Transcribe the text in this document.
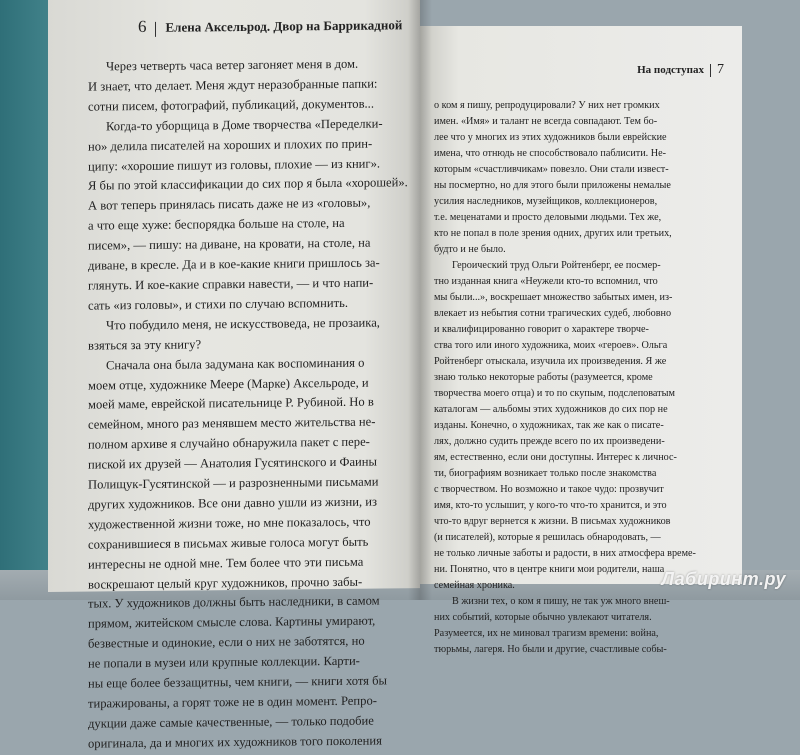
6 Елена Аксельрод. Двор на Баррикадной
Через четверть часа ветер загоняет меня в дом.
И знает, что делает. Меня ждут неразобранные папки:
сотни писем, фотографий, публикаций, документов...
Когда-то уборщица в Доме творчества «Переделки-
но» делила писателей на хороших и плохих по прин-
ципу: «хорошие пишут из головы, плохие — из книг».
Я бы по этой классификации до сих пор я была «хорошей».
А вот теперь принялась писать даже не из «головы»,
а что еще хуже: беспорядка больше на столе, на
писем», — пишу: на диване, на кровати, на столе, на
диване, в кресле. Да и в кое-какие книги пришлось за-
глянуть. И кое-какие справки навести, — и что напи-
сать «из головы», и стихи по случаю вспомнить.
Что побудило меня, не искусствоведа, не прозаика,
взяться за эту книгу?
Сначала она была задумана как воспоминания о
моем отце, художнике Меере (Марке) Аксельроде, и
моей маме, еврейской писательнице Р. Рубиной. Но в
семейном, много раз менявшем место жительства не-
полном архиве я случайно обнаружила пакет с пере-
пиской их друзей — Анатолия Гусятинского и Фаины
Полищук-Гусятинской — и разрозненными письмами
других художников. Все они давно ушли из жизни, из
художественной жизни тоже, но мне показалось, что
сохранившиеся в письмах живые голоса могут быть
интересны не одной мне. Тем более что эти письма
воскрешают целый круг художников, прочно забы-
тых. У художников должны быть наследники, в самом
прямом, житейском смысле слова. Картины умирают,
безвестные и одинокие, если о них не заботятся, но
не попали в музеи или крупные коллекции. Карти-
ны еще более беззащитны, чем книги, — книги хотя бы
тиражированы, а горят тоже не в один момент. Репро-
дукции даже самые качественные, — только подобие
оригинала, да и многих их художников того поколения
На подступах 7
о ком я пишу, репродуцировали? У них нет громких
имен. «Имя» и талант не всегда совпадают. Тем бо-
лее что у многих из этих художников были еврейские
имена, что отнюдь не способствовало паблисити. Не-
которым «счастливчикам» повезло. Они стали извест-
ны посмертно, но для этого были приложены немалые
усилия наследников, музейщиков, коллекционеров,
т.е. меценатами и просто деловыми людьми. Тех же,
кто не попал в поле зрения одних, других или третьих,
будто и не было.
Героический труд Ольги Ройтенберг, ее посмер-
тно изданная книга «Неужели кто-то вспомнил, что
мы были...», воскрешает множество забытых имен, из-
влекает из небытия сотни трагических судеб, любовно
и квалифицированно говорит о характере творче-
ства того или иного художника, моих «героев». Ольга
Ройтенберг отыскала, изучила их произведения. Я же
знаю только некоторые работы (разумеется, кроме
творчества моего отца) и то по скупым, подслеповатым
каталогам — альбомы этих художников до сих пор не
изданы. Конечно, о художниках, так же как о писате-
лях, должно судить прежде всего по их произведени-
ям, естественно, если они доступны. Интерес к личнос-
ти, биографиям возникает только после знакомства
с творчеством. Но возможно и такое чудо: прозвучит
имя, кто-то услышит, у кого-то что-то хранится, и это
что-то вдруг вернется к жизни. В письмах художников
(и писателей), которые я решилась обнародовать, —
не только личные заботы и радости, в них атмосфера време-
ни. Понятно, что в центре книги мои родители, наша
семейная хроника.
В жизни тех, о ком я пишу, не так уж много внеш-
них событий, которые обычно увлекают читателя.
Разумеется, их не миновал трагизм времени: война,
тюрьмы, лагеря. Но были и другие, счастливые собы-
Лабиринт.ру
